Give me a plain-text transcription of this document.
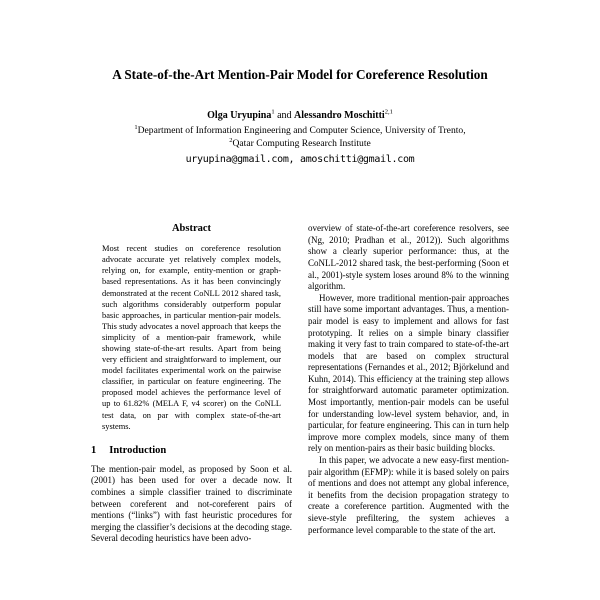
A State-of-the-Art Mention-Pair Model for Coreference Resolution
Olga Uryupina$^1$ and Alessandro Moschitti$^{2,1}$
$^1$Department of Information Engineering and Computer Science, University of Trento,
$^2$Qatar Computing Research Institute
uryupina@gmail.com, amoschitti@gmail.com
Abstract

Most recent studies on coreference resolution advocate accurate yet relatively complex models, relying on, for example, entity-mention or graph-based representations. As it has been convincingly demonstrated at the recent CoNLL 2012 shared task, such algorithms considerably outperform popular basic approaches, in particular mention-pair models. This study advocates a novel approach that keeps the simplicity of a mention-pair framework, while showing state-of-the-art results. Apart from being very efficient and straightforward to implement, our model facilitates experimental work on the pairwise classifier, in particular on feature engineering. The proposed model achieves the performance level of up to 61.82% (MELA F, v4 scorer) on the CoNLL test data, on par with complex state-of-the-art systems.

1 Introduction

The mention-pair model, as proposed by Soon et al. (2001) has been used for over a decade now. It combines a simple classifier trained to discriminate between coreferent and not-coreferent pairs of mentions (“links”) with fast heuristic procedures for merging the classifier’s decisions at the decoding stage. Several decoding heuristics have been advo-

overview of state-of-the-art coreference resolvers, see (Ng, 2010; Pradhan et al., 2012)). Such algorithms show a clearly superior performance: thus, at the CoNLL-2012 shared task, the best-performing (Soon et al., 2001)-style system loses around 8% to the winning algorithm.

However, more traditional mention-pair approaches still have some important advantages. Thus, a mention-pair model is easy to implement and allows for fast prototyping. It relies on a simple binary classifier making it very fast to train compared to state-of-the-art models that are based on complex structural representations (Fernandes et al., 2012; Björkelund and Kuhn, 2014). This efficiency at the training step allows for straightforward automatic parameter optimization. Most importantly, mention-pair models can be useful for understanding low-level system behavior, and, in particular, for feature engineering. This can in turn help improve more complex models, since many of them rely on mention-pairs as their basic building blocks.

In this paper, we advocate a new easy-first mention-pair algorithm (EFMP): while it is based solely on pairs of mentions and does not attempt any global inference, it benefits from the decision propagation strategy to create a coreference partition. Augmented with the sieve-style prefiltering, the system achieves a performance level comparable to the state of the art.
